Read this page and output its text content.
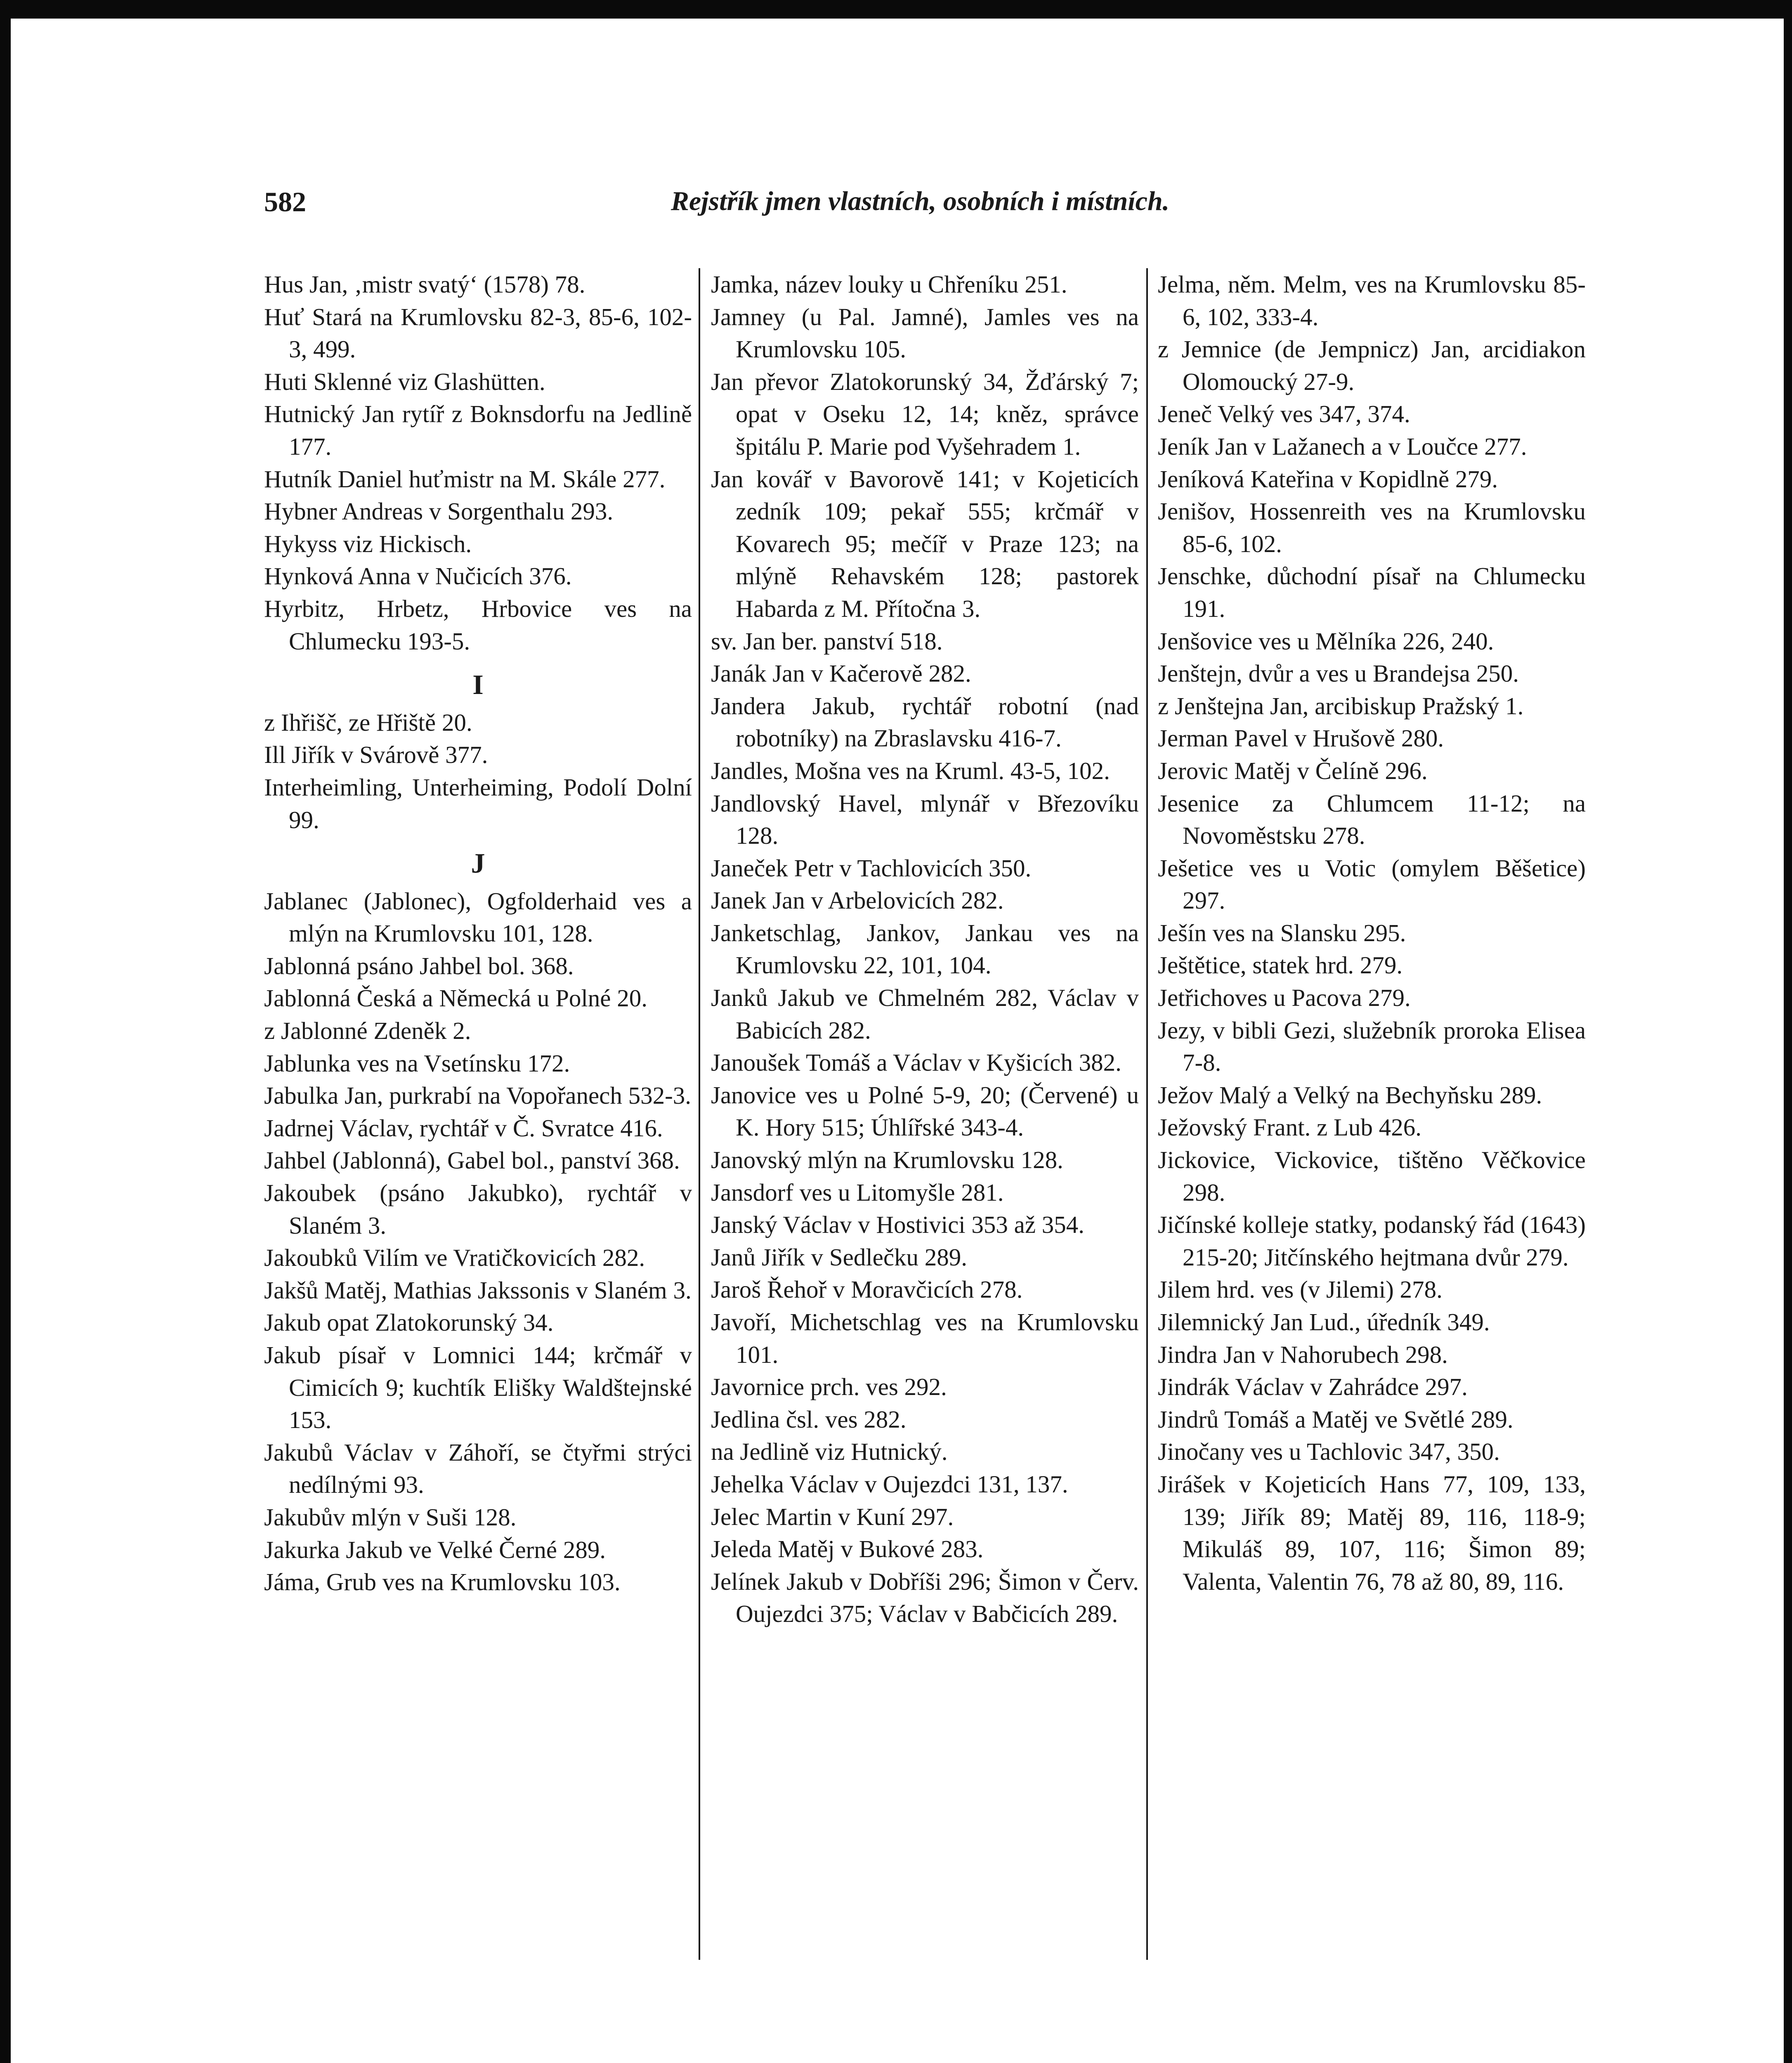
582	Rejstřík jmen vlastních, osobních i místních.

Hus Jan, ‚mistr svatý‘ (1578) 78.

Huť Stará na Krumlovsku 82-3, 85-6, 102-3, 499.

Huti Sklenné viz Glashütten.

Hutnický Jan rytíř z Boknsdorfu na Jedlině 177.

Hutník Daniel huťmistr na M. Skále 277.

Hybner Andreas v Sorgenthalu 293.

Hykyss viz Hickisch.

Hynková Anna v Nučicích 376.

Hyrbitz, Hrbetz, Hrbovice ves na Chlumecku 193-5.

I

z Ihřišč, ze Hřiště 20.

Ill Jiřík v Svárově 377.

Interheimling, Unterheiming, Podolí Dolní 99.

J

Jablanec (Jablonec), Ogfolderhaid ves a mlýn na Krumlovsku 101, 128.

Jablonná psáno Jahbel bol. 368.

Jablonná Česká a Německá u Polné 20.

z Jablonné Zdeněk 2.

Jablunka ves na Vsetínsku 172.

Jabulka Jan, purkrabí na Vopořanech 532-3.

Jadrnej Václav, rychtář v Č. Svratce 416.

Jahbel (Jablonná), Gabel bol., panství 368.

Jakoubek (psáno Jakubko), rychtář v Slaném 3.

Jakoubků Vilím ve Vratičkovicích 282.

Jakšů Matěj, Mathias Jakssonis v Slaném 3.

Jakub opat Zlatokorunský 34.

Jakub písař v Lomnici 144; krčmář v Cimicích 9; kuchtík Elišky Waldštejnské 153.

Jakubů Václav v Záhoří, se čtyřmi strýci nedílnými 93.

Jakubův mlýn v Suši 128.

Jakurka Jakub ve Velké Černé 289.

Jáma, Grub ves na Krumlovsku 103.

Jamka, název louky u Chřeníku 251.

Jamney (u Pal. Jamné), Jamles ves na Krumlovsku 105.

Jan převor Zlatokorunský 34, Žďárský 7; opat v Oseku 12, 14; kněz, správce špitálu P. Marie pod Vyšehradem 1.

Jan kovář v Bavorově 141; v Kojeticích zedník 109; pekař 555; krčmář v Kovarech 95; mečíř v Praze 123; na mlýně Rehavském 128; pastorek Habarda z M. Přítočna 3.

sv. Jan ber. panství 518.

Janák Jan v Kačerově 282.

Jandera Jakub, rychtář robotní (nad robotníky) na Zbraslavsku 416-7.

Jandles, Mošna ves na Kruml. 43-5, 102.

Jandlovský Havel, mlynář v Březovíku 128.

Janeček Petr v Tachlovicích 350.

Janek Jan v Arbelovicích 282.

Janketschlag, Jankov, Jankau ves na Krumlovsku 22, 101, 104.

Janků Jakub ve Chmelném 282, Václav v Babicích 282.

Janoušek Tomáš a Václav v Kyšicích 382.

Janovice ves u Polné 5-9, 20; (Červené) u K. Hory 515; Úhlířské 343-4.

Janovský mlýn na Krumlovsku 128.

Jansdorf ves u Litomyšle 281.

Janský Václav v Hostivici 353 až 354.

Janů Jiřík v Sedlečku 289.

Jaroš Řehoř v Moravčicích 278.

Javoří, Michetschlag ves na Krumlovsku 101.

Javornice prch. ves 292.

Jedlina čsl. ves 282.

na Jedlině viz Hutnický.

Jehelka Václav v Oujezdci 131, 137.

Jelec Martin v Kuní 297.

Jeleda Matěj v Bukové 283.

Jelínek Jakub v Dobříši 296; Šimon v Červ. Oujezdci 375; Václav v Babčicích 289.

Jelma, něm. Melm, ves na Krumlovsku 85-6, 102, 333-4.

z Jemnice (de Jempnicz) Jan, arcidiakon Olomoucký 27-9.

Jeneč Velký ves 347, 374.

Jeník Jan v Lažanech a v Loučce 277.

Jeníková Kateřina v Kopidlně 279.

Jenišov, Hossenreith ves na Krumlovsku 85-6, 102.

Jenschke, důchodní písař na Chlumecku 191.

Jenšovice ves u Mělníka 226, 240.

Jenštejn, dvůr a ves u Brandejsa 250.

z Jenštejna Jan, arcibiskup Pražský 1.

Jerman Pavel v Hrušově 280.

Jerovic Matěj v Čelíně 296.

Jesenice za Chlumcem 11-12; na Novoměstsku 278.

Ješetice ves u Votic (omylem Běšetice) 297.

Ješín ves na Slansku 295.

Ještětice, statek hrd. 279.

Jetřichoves u Pacova 279.

Jezy, v bibli Gezi, služebník proroka Elisea 7-8.

Ježov Malý a Velký na Bechyňsku 289.

Ježovský Frant. z Lub 426.

Jickovice, Vickovice, tištěno Věčkovice 298.

Jičínské kolleje statky, podanský řád (1643) 215-20; Jitčínského hejtmana dvůr 279.

Jilem hrd. ves (v Jilemi) 278.

Jilemnický Jan Lud., úředník 349.

Jindra Jan v Nahorubech 298.

Jindrák Václav v Zahrádce 297.

Jindrů Tomáš a Matěj ve Světlé 289.

Jinočany ves u Tachlovic 347, 350.

Jirášek v Kojeticích Hans 77, 109, 133, 139; Jiřík 89; Matěj 89, 116, 118-9; Mikuláš 89, 107, 116; Šimon 89; Valenta, Valentin 76, 78 až 80, 89, 116.
